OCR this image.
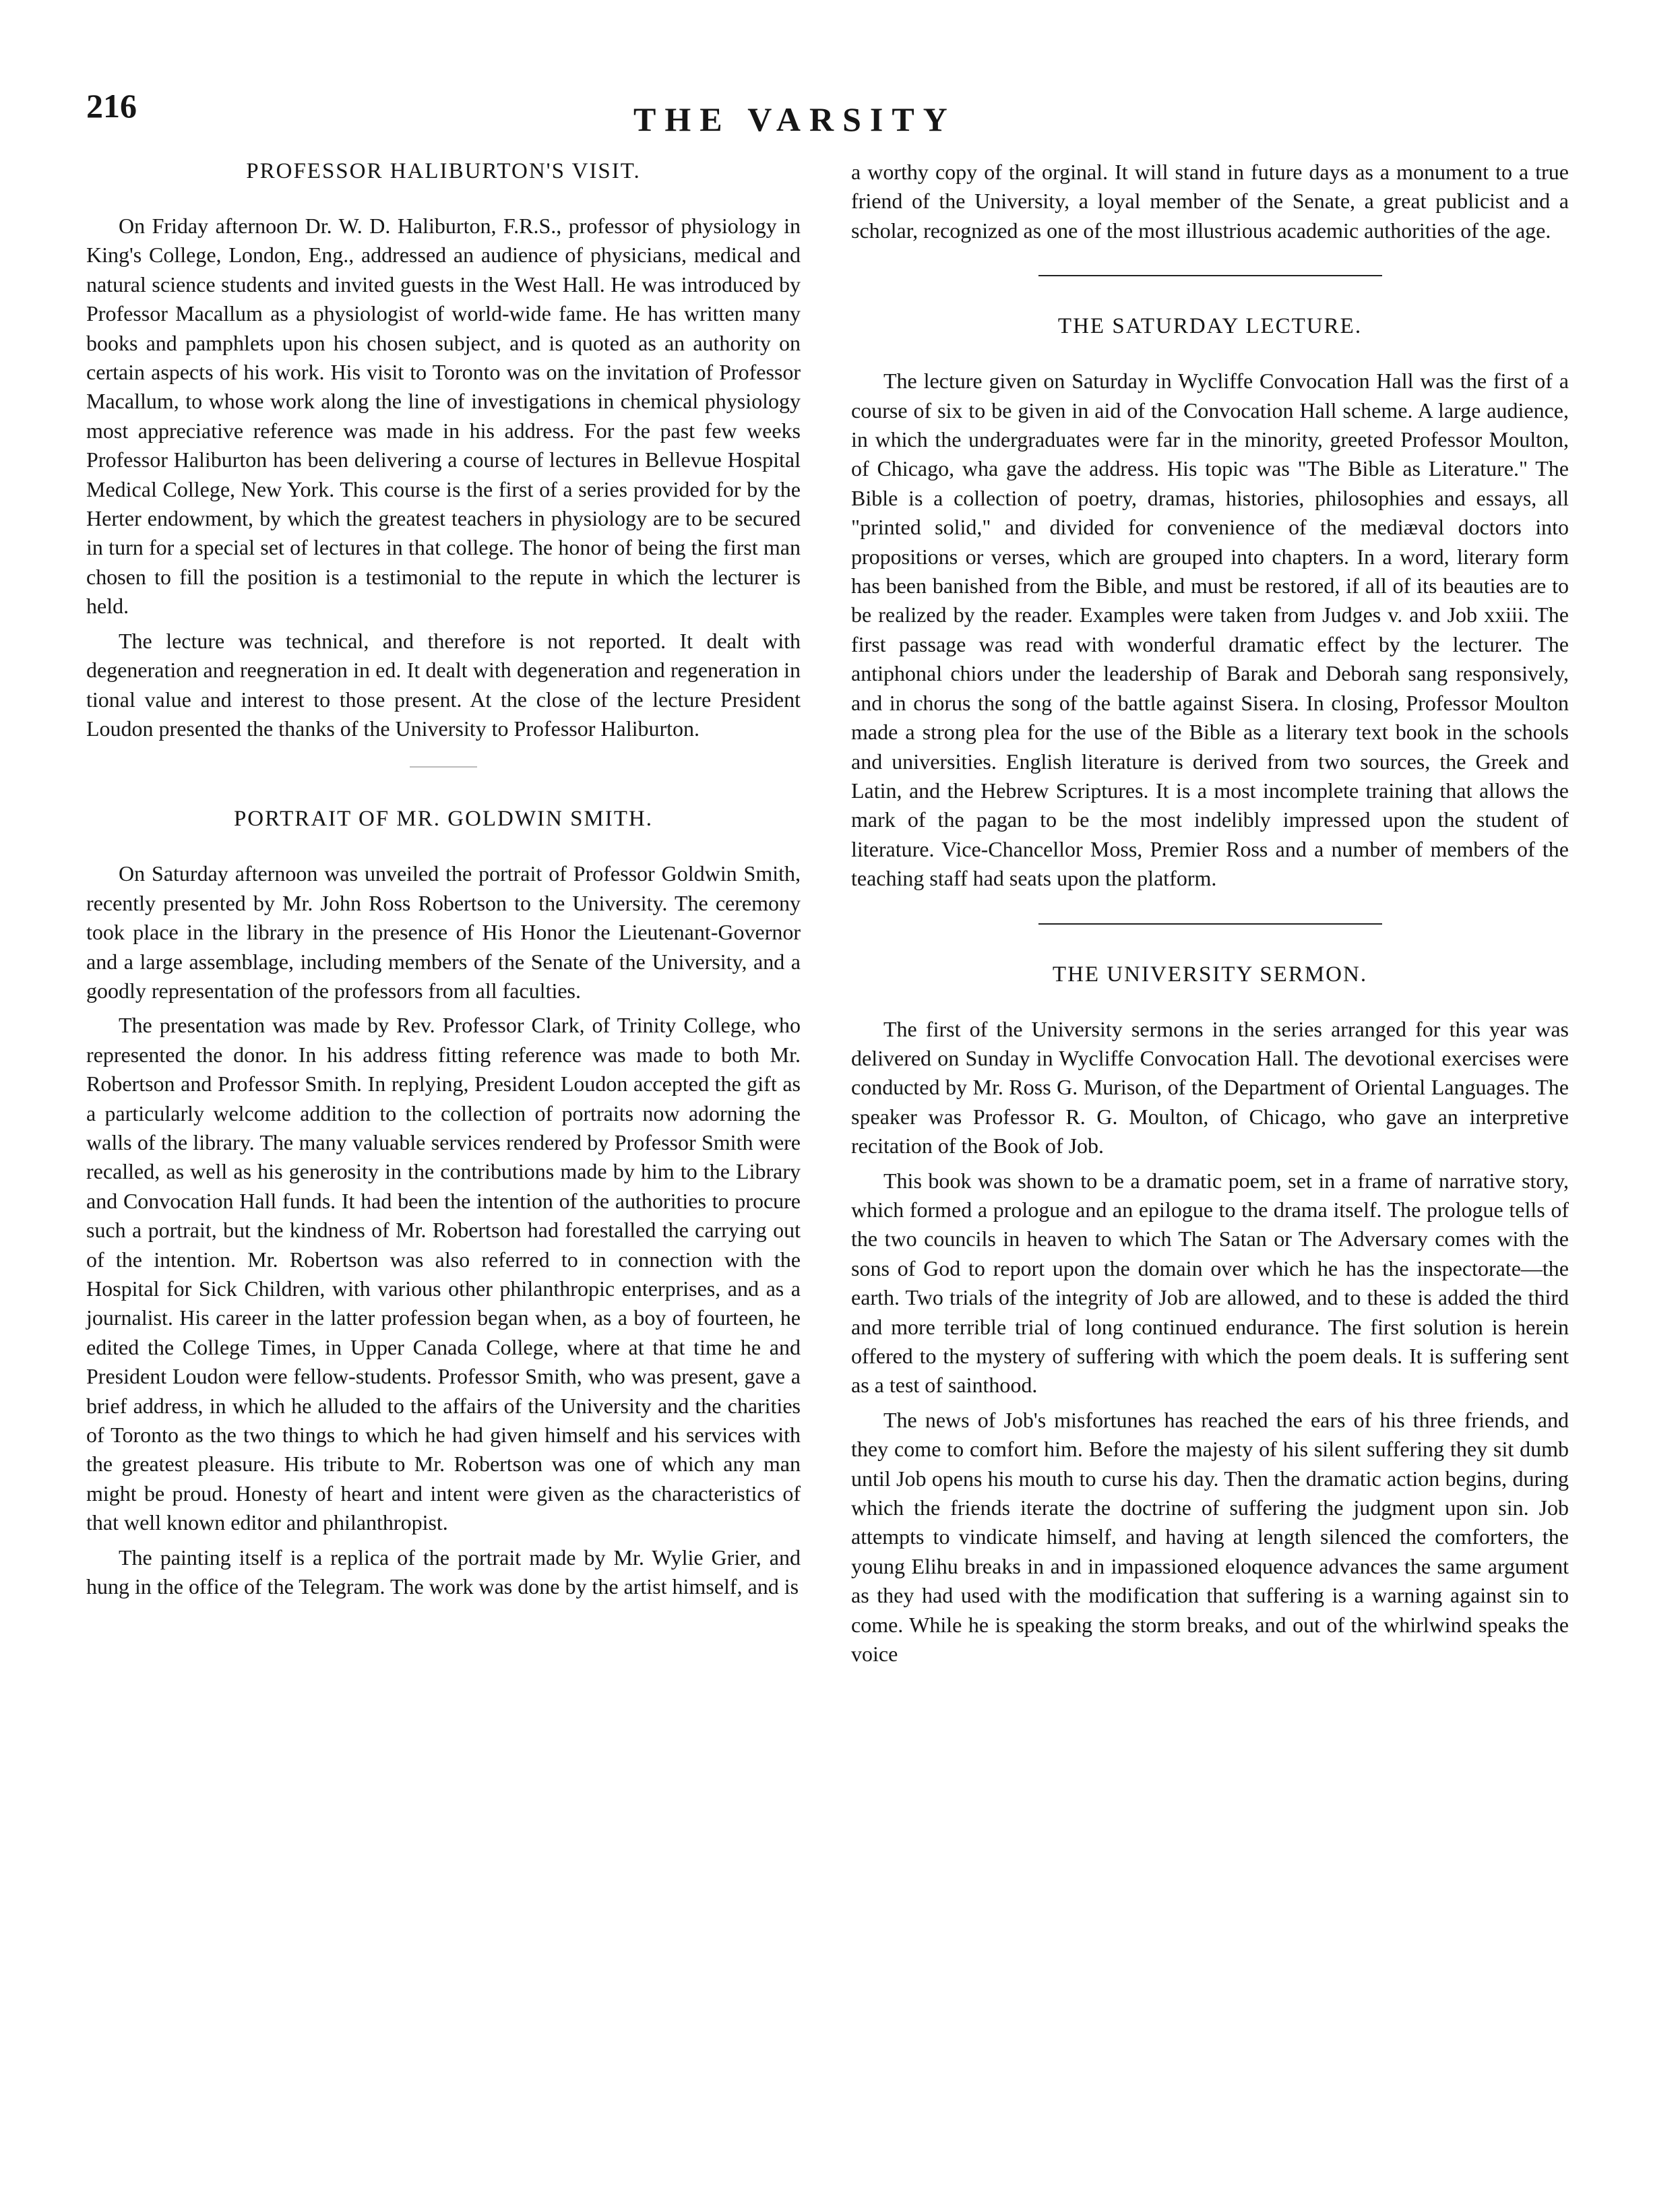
216	THE VARSITY
PROFESSOR HALIBURTON'S VISIT.

On Friday afternoon Dr. W. D. Haliburton, F.R.S., professor of physiology in King's College, London, Eng., addressed an audience of physicians, medical and natural science students and invited guests in the West Hall. He was introduced by Professor Macallum as a physiologist of world-wide fame. He has written many books and pamphlets upon his chosen subject, and is quoted as an authority on certain aspects of his work. His visit to Toronto was on the invitation of Professor Macallum, to whose work along the line of investigations in chemical physiology most appreciative reference was made in his address. For the past few weeks Professor Haliburton has been delivering a course of lectures in Bellevue Hospital Medical College, New York. This course is the first of a series provided for by the Herter endowment, by which the greatest teachers in physiology are to be secured in turn for a special set of lectures in that college. The honor of being the first man chosen to fill the position is a testimonial to the repute in which the lecturer is held.

The lecture was technical, and therefore is not reported. It dealt with degeneration and reegneration in ed. It dealt with degeneration and regeneration in tional value and interest to those present. At the close of the lecture President Loudon presented the thanks of the University to Professor Haliburton.

PORTRAIT OF MR. GOLDWIN SMITH.

On Saturday afternoon was unveiled the portrait of Professor Goldwin Smith, recently presented by Mr. John Ross Robertson to the University. The ceremony took place in the library in the presence of His Honor the Lieutenant-Governor and a large assemblage, including members of the Senate of the University, and a goodly representation of the professors from all faculties.

The presentation was made by Rev. Professor Clark, of Trinity College, who represented the donor. In his address fitting reference was made to both Mr. Robertson and Professor Smith. In replying, President Loudon accepted the gift as a particularly welcome addition to the collection of portraits now adorning the walls of the library. The many valuable services rendered by Professor Smith were recalled, as well as his generosity in the contributions made by him to the Library and Convocation Hall funds. It had been the intention of the authorities to procure such a portrait, but the kindness of Mr. Robertson had forestalled the carrying out of the intention. Mr. Robertson was also referred to in connection with the Hospital for Sick Children, with various other philanthropic enterprises, and as a journalist. His career in the latter profession began when, as a boy of fourteen, he edited the College Times, in Upper Canada College, where at that time he and President Loudon were fellow-students. Professor Smith, who was present, gave a brief address, in which he alluded to the affairs of the University and the charities of Toronto as the two things to which he had given himself and his services with the greatest pleasure. His tribute to Mr. Robertson was one of which any man might be proud. Honesty of heart and intent were given as the characteristics of that well known editor and philanthropist.

The painting itself is a replica of the portrait made by Mr. Wylie Grier, and hung in the office of the Telegram. The work was done by the artist himself, and is

a worthy copy of the orginal. It will stand in future days as a monument to a true friend of the University, a loyal member of the Senate, a great publicist and a scholar, recognized as one of the most illustrious academic authorities of the age.

THE SATURDAY LECTURE.

The lecture given on Saturday in Wycliffe Convocation Hall was the first of a course of six to be given in aid of the Convocation Hall scheme. A large audience, in which the undergraduates were far in the minority, greeted Professor Moulton, of Chicago, wha gave the address. His topic was "The Bible as Literature." The Bible is a collection of poetry, dramas, histories, philosophies and essays, all "printed solid," and divided for convenience of the mediæval doctors into propositions or verses, which are grouped into chapters. In a word, literary form has been banished from the Bible, and must be restored, if all of its beauties are to be realized by the reader. Examples were taken from Judges v. and Job xxiii. The first passage was read with wonderful dramatic effect by the lecturer. The antiphonal chiors under the leadership of Barak and Deborah sang responsively, and in chorus the song of the battle against Sisera. In closing, Professor Moulton made a strong plea for the use of the Bible as a literary text book in the schools and universities. English literature is derived from two sources, the Greek and Latin, and the Hebrew Scriptures. It is a most incomplete training that allows the mark of the pagan to be the most indelibly impressed upon the student of literature. Vice-Chancellor Moss, Premier Ross and a number of members of the teaching staff had seats upon the platform.

THE UNIVERSITY SERMON.

The first of the University sermons in the series arranged for this year was delivered on Sunday in Wycliffe Convocation Hall. The devotional exercises were conducted by Mr. Ross G. Murison, of the Department of Oriental Languages. The speaker was Professor R. G. Moulton, of Chicago, who gave an interpretive recitation of the Book of Job.

This book was shown to be a dramatic poem, set in a frame of narrative story, which formed a prologue and an epilogue to the drama itself. The prologue tells of the two councils in heaven to which The Satan or The Adversary comes with the sons of God to report upon the domain over which he has the inspectorate—the earth. Two trials of the integrity of Job are allowed, and to these is added the third and more terrible trial of long continued endurance. The first solution is herein offered to the mystery of suffering with which the poem deals. It is suffering sent as a test of sainthood.

The news of Job's misfortunes has reached the ears of his three friends, and they come to comfort him. Before the majesty of his silent suffering they sit dumb until Job opens his mouth to curse his day. Then the dramatic action begins, during which the friends iterate the doctrine of suffering the judgment upon sin. Job attempts to vindicate himself, and having at length silenced the comforters, the young Elihu breaks in and in impassioned eloquence advances the same argument as they had used with the modification that suffering is a warning against sin to come. While he is speaking the storm breaks, and out of the whirlwind speaks the voice
